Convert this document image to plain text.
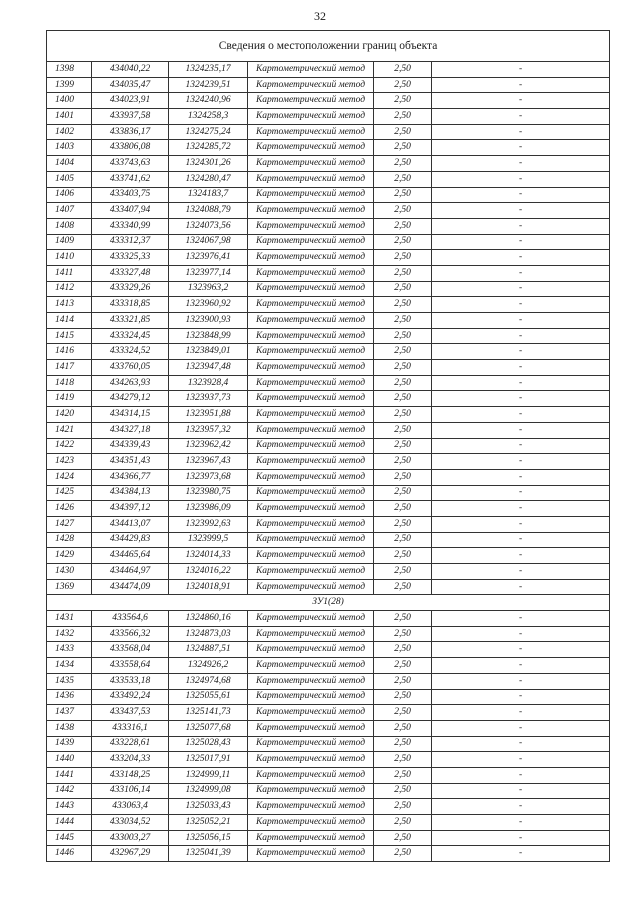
32
Сведения о местоположении границ объекта					
1398	434040,22	1324235,17	Картометрический метод	2,50	-
1399	434035,47	1324239,51	Картометрический метод	2,50	-
1400	434023,91	1324240,96	Картометрический метод	2,50	-
1401	433937,58	1324258,3	Картометрический метод	2,50	-
1402	433836,17	1324275,24	Картометрический метод	2,50	-
1403	433806,08	1324285,72	Картометрический метод	2,50	-
1404	433743,63	1324301,26	Картометрический метод	2,50	-
1405	433741,62	1324280,47	Картометрический метод	2,50	-
1406	433403,75	1324183,7	Картометрический метод	2,50	-
1407	433407,94	1324088,79	Картометрический метод	2,50	-
1408	433340,99	1324073,56	Картометрический метод	2,50	-
1409	433312,37	1324067,98	Картометрический метод	2,50	-
1410	433325,33	1323976,41	Картометрический метод	2,50	-
1411	433327,48	1323977,14	Картометрический метод	2,50	-
1412	433329,26	1323963,2	Картометрический метод	2,50	-
1413	433318,85	1323960,92	Картометрический метод	2,50	-
1414	433321,85	1323900,93	Картометрический метод	2,50	-
1415	433324,45	1323848,99	Картометрический метод	2,50	-
1416	433324,52	1323849,01	Картометрический метод	2,50	-
1417	433760,05	1323947,48	Картометрический метод	2,50	-
1418	434263,93	1323928,4	Картометрический метод	2,50	-
1419	434279,12	1323937,73	Картометрический метод	2,50	-
1420	434314,15	1323951,88	Картометрический метод	2,50	-
1421	434327,18	1323957,32	Картометрический метод	2,50	-
1422	434339,43	1323962,42	Картометрический метод	2,50	-
1423	434351,43	1323967,43	Картометрический метод	2,50	-
1424	434366,77	1323973,68	Картометрический метод	2,50	-
1425	434384,13	1323980,75	Картометрический метод	2,50	-
1426	434397,12	1323986,09	Картометрический метод	2,50	-
1427	434413,07	1323992,63	Картометрический метод	2,50	-
1428	434429,83	1323999,5	Картометрический метод	2,50	-
1429	434465,64	1324014,33	Картометрический метод	2,50	-
1430	434464,97	1324016,22	Картометрический метод	2,50	-
1369	434474,09	1324018,91	Картометрический метод	2,50	-
ЗУ1(28)					
1431	433564,6	1324860,16	Картометрический метод	2,50	-
1432	433566,32	1324873,03	Картометрический метод	2,50	-
1433	433568,04	1324887,51	Картометрический метод	2,50	-
1434	433558,64	1324926,2	Картометрический метод	2,50	-
1435	433533,18	1324974,68	Картометрический метод	2,50	-
1436	433492,24	1325055,61	Картометрический метод	2,50	-
1437	433437,53	1325141,73	Картометрический метод	2,50	-
1438	433316,1	1325077,68	Картометрический метод	2,50	-
1439	433228,61	1325028,43	Картометрический метод	2,50	-
1440	433204,33	1325017,91	Картометрический метод	2,50	-
1441	433148,25	1324999,11	Картометрический метод	2,50	-
1442	433106,14	1324999,08	Картометрический метод	2,50	-
1443	433063,4	1325033,43	Картометрический метод	2,50	-
1444	433034,52	1325052,21	Картометрический метод	2,50	-
1445	433003,27	1325056,15	Картометрический метод	2,50	-
1446	432967,29	1325041,39	Картометрический метод	2,50	-
